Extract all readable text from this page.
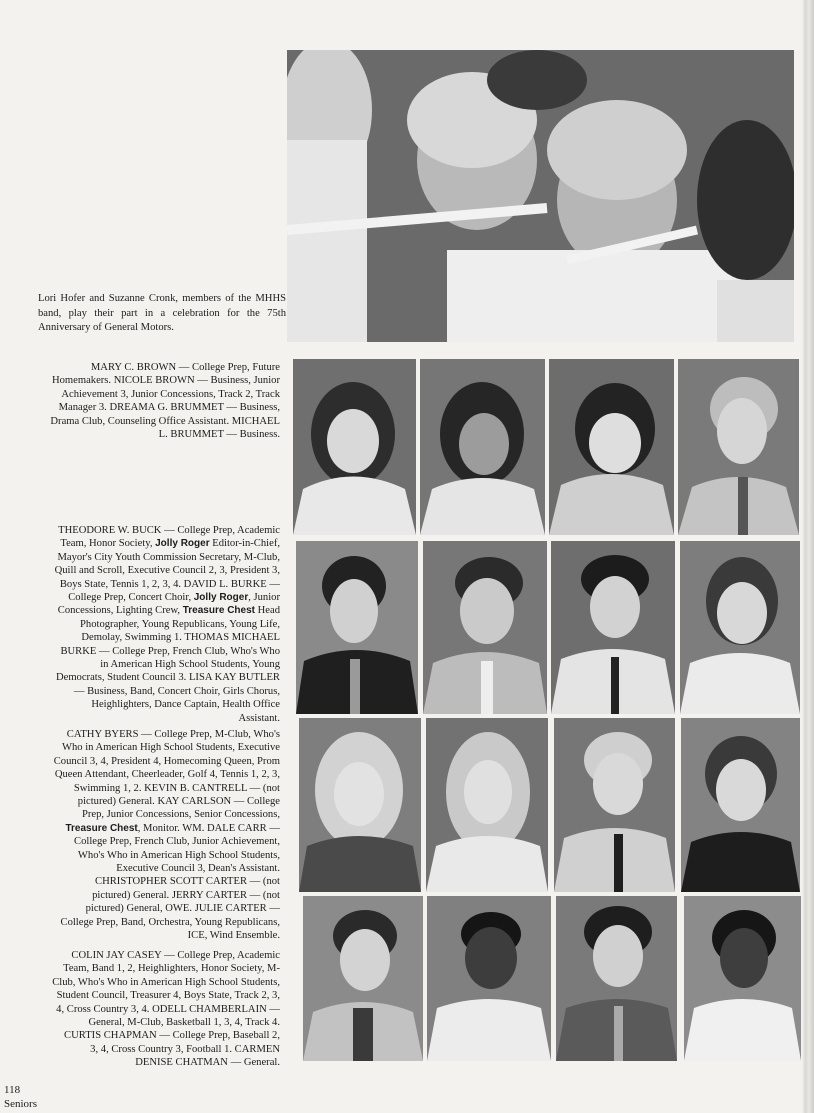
Lori Hofer and Suzanne Cronk, members of the MHHS band, play their part in a celebration for the 75th Anniversary of General Motors.

MARY C. BROWN — College Prep, Future
Homemakers. NICOLE BROWN — Business, Junior
Achievement 3, Junior Concessions, Track 2, Track
Manager 3. DREAMA G. BRUMMET — Business,
Drama Club, Counseling Office Assistant. MICHAEL
L. BRUMMET — Business.
THEODORE W. BUCK — College Prep, Academic
Team, Honor Society, Jolly Roger Editor-in-Chief,
Mayor's City Youth Commission Secretary, M-Club,
Quill and Scroll, Executive Council 2, 3, President 3,
Boys State, Tennis 1, 2, 3, 4. DAVID L. BURKE —
College Prep, Concert Choir, Jolly Roger, Junior
Concessions, Lighting Crew, Treasure Chest Head
Photographer, Young Republicans, Young Life,
Demolay, Swimming 1. THOMAS MICHAEL
BURKE — College Prep, French Club, Who's Who
in American High School Students, Young
Democrats, Student Council 3. LISA KAY BUTLER
— Business, Band, Concert Choir, Girls Chorus,
Heighlighters, Dance Captain, Health Office
Assistant.
CATHY BYERS — College Prep, M-Club, Who's
Who in American High School Students, Executive
Council 3, 4, President 4, Homecoming Queen, Prom
Queen Attendant, Cheerleader, Golf 4, Tennis 1, 2, 3,
Swimming 1, 2. KEVIN B. CANTRELL — (not
pictured) General. KAY CARLSON — College
Prep, Junior Concessions, Senior Concessions,
Treasure Chest, Monitor. WM. DALE CARR —
College Prep, French Club, Junior Achievement,
Who's Who in American High School Students,
Executive Council 3, Dean's Assistant.
CHRISTOPHER SCOTT CARTER — (not
pictured) General. JERRY CARTER — (not
pictured) General, OWE. JULIE CARTER —
College Prep, Band, Orchestra, Young Republicans,
ICE, Wind Ensemble.
COLIN JAY CASEY — College Prep, Academic
Team, Band 1, 2, Heighlighters, Honor Society, M-
Club, Who's Who in American High School Students,
Student Council, Treasurer 4, Boys State, Track 2, 3,
4, Cross Country 3, 4. ODELL CHAMBERLAIN —
General, M-Club, Basketball 1, 3, 4, Track 4.
CURTIS CHAPMAN — College Prep, Baseball 2,
3, 4, Cross Country 3, Football 1. CARMEN
DENISE CHATMAN — General.
118
Seniors
